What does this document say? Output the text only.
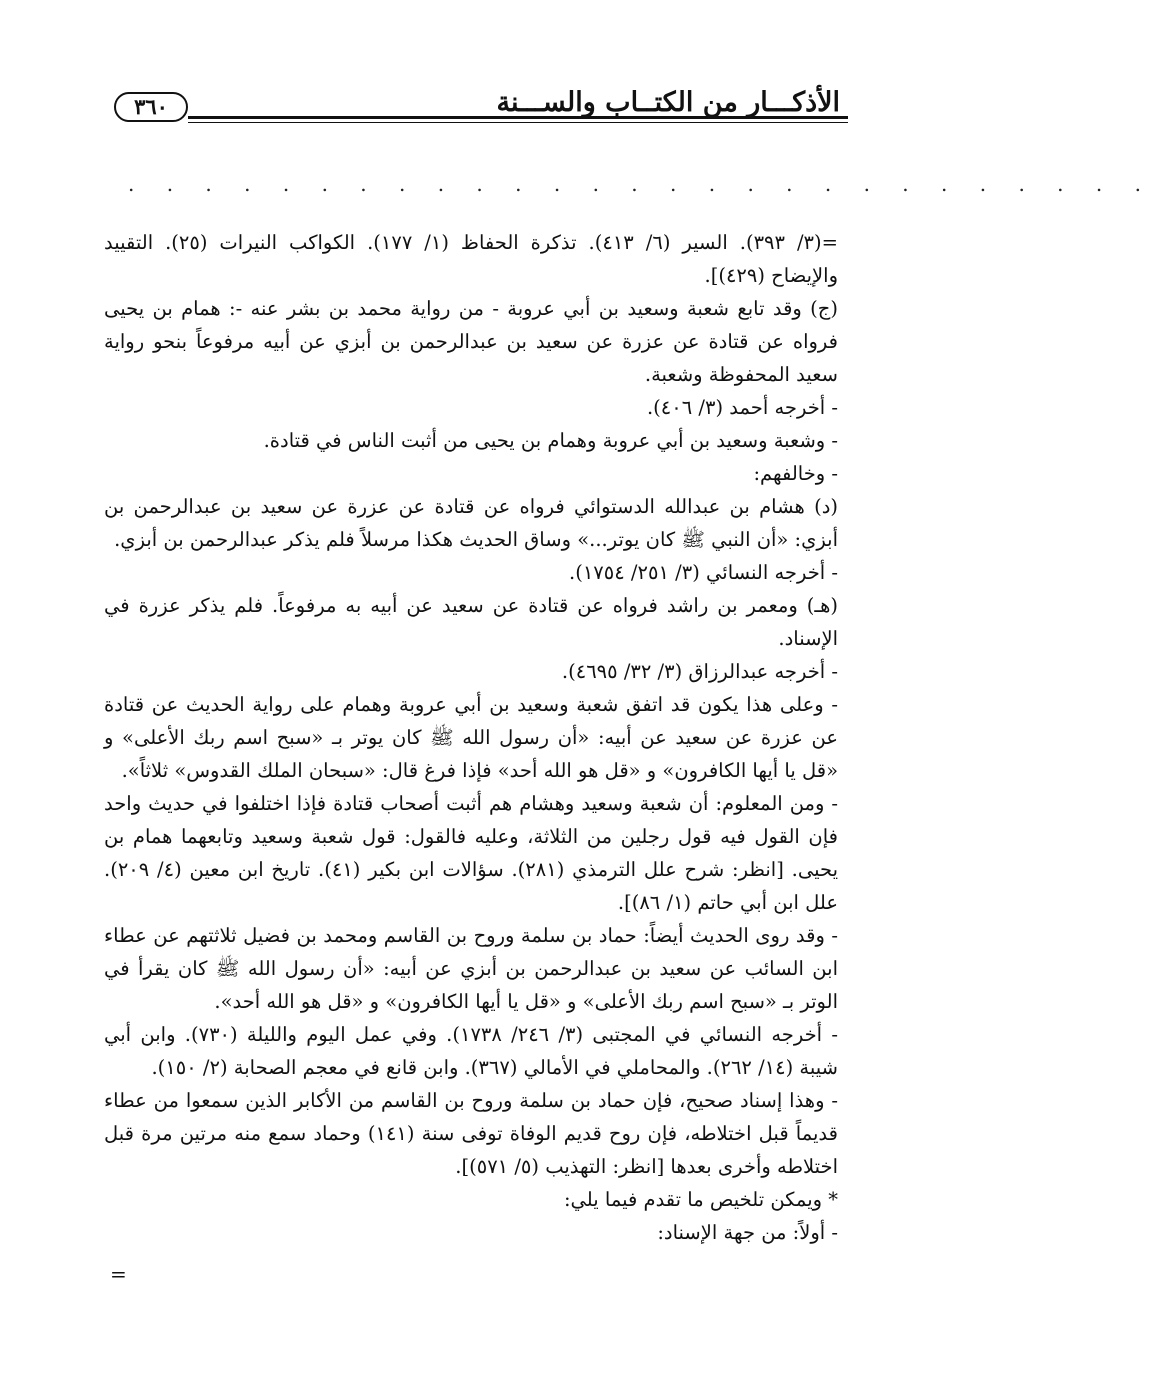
٣٦٠	الأذكـــار من الكتــاب والســـنة
. . . . . . . . . . . . . . . . . . . . . . . . . . .

=(٣/ ٣٩٣). السير (٦/ ٤١٣). تذكرة الحفاظ (١/ ١٧٧). الكواكب النيرات (٢٥). التقييد والإيضاح (٤٢٩)].

(ج) وقد تابع شعبة وسعيد بن أبي عروبة - من رواية محمد بن بشر عنه -: همام بن يحيى فرواه عن قتادة عن عزرة عن سعيد بن عبدالرحمن بن أبزي عن أبيه مرفوعاً بنحو رواية سعيد المحفوظة وشعبة.

- أخرجه أحمد (٣/ ٤٠٦).

- وشعبة وسعيد بن أبي عروبة وهمام بن يحيى من أثبت الناس في قتادة.

- وخالفهم:

(د) هشام بن عبدالله الدستوائي فرواه عن قتادة عن عزرة عن سعيد بن عبدالرحمن بن أبزي: «أن النبي ﷺ كان يوتر...» وساق الحديث هكذا مرسلاً فلم يذكر عبدالرحمن بن أبزي.

- أخرجه النسائي (٣/ ٢٥١/ ١٧٥٤).

(هـ) ومعمر بن راشد فرواه عن قتادة عن سعيد عن أبيه به مرفوعاً. فلم يذكر عزرة في الإسناد.

- أخرجه عبدالرزاق (٣/ ٣٢/ ٤٦٩٥).

- وعلى هذا يكون قد اتفق شعبة وسعيد بن أبي عروبة وهمام على رواية الحديث عن قتادة عن عزرة عن سعيد عن أبيه: «أن رسول الله ﷺ كان يوتر بـ «سبح اسم ربك الأعلى» و «قل يا أيها الكافرون» و «قل هو الله أحد» فإذا فرغ قال: «سبحان الملك القدوس» ثلاثاً».

- ومن المعلوم: أن شعبة وسعيد وهشام هم أثبت أصحاب قتادة فإذا اختلفوا في حديث واحد فإن القول فيه قول رجلين من الثلاثة، وعليه فالقول: قول شعبة وسعيد وتابعهما همام بن يحيى. [انظر: شرح علل الترمذي (٢٨١). سؤالات ابن بكير (٤١). تاريخ ابن معين (٤/ ٢٠٩). علل ابن أبي حاتم (١/ ٨٦)].

- وقد روى الحديث أيضاً: حماد بن سلمة وروح بن القاسم ومحمد بن فضيل ثلاثتهم عن عطاء ابن السائب عن سعيد بن عبدالرحمن بن أبزي عن أبيه: «أن رسول الله ﷺ كان يقرأ في الوتر بـ «سبح اسم ربك الأعلى» و «قل يا أيها الكافرون» و «قل هو الله أحد».

- أخرجه النسائي في المجتبى (٣/ ٢٤٦/ ١٧٣٨). وفي عمل اليوم والليلة (٧٣٠). وابن أبي شيبة (١٤/ ٢٦٢). والمحاملي في الأمالي (٣٦٧). وابن قانع في معجم الصحابة (٢/ ١٥٠).

- وهذا إسناد صحيح، فإن حماد بن سلمة وروح بن القاسم من الأكابر الذين سمعوا من عطاء قديماً قبل اختلاطه، فإن روح قديم الوفاة توفى سنة (١٤١) وحماد سمع منه مرتين مرة قبل اختلاطه وأخرى بعدها [انظر: التهذيب (٥/ ٥٧١)].

* ويمكن تلخيص ما تقدم فيما يلي:

- أولاً: من جهة الإسناد:

=
